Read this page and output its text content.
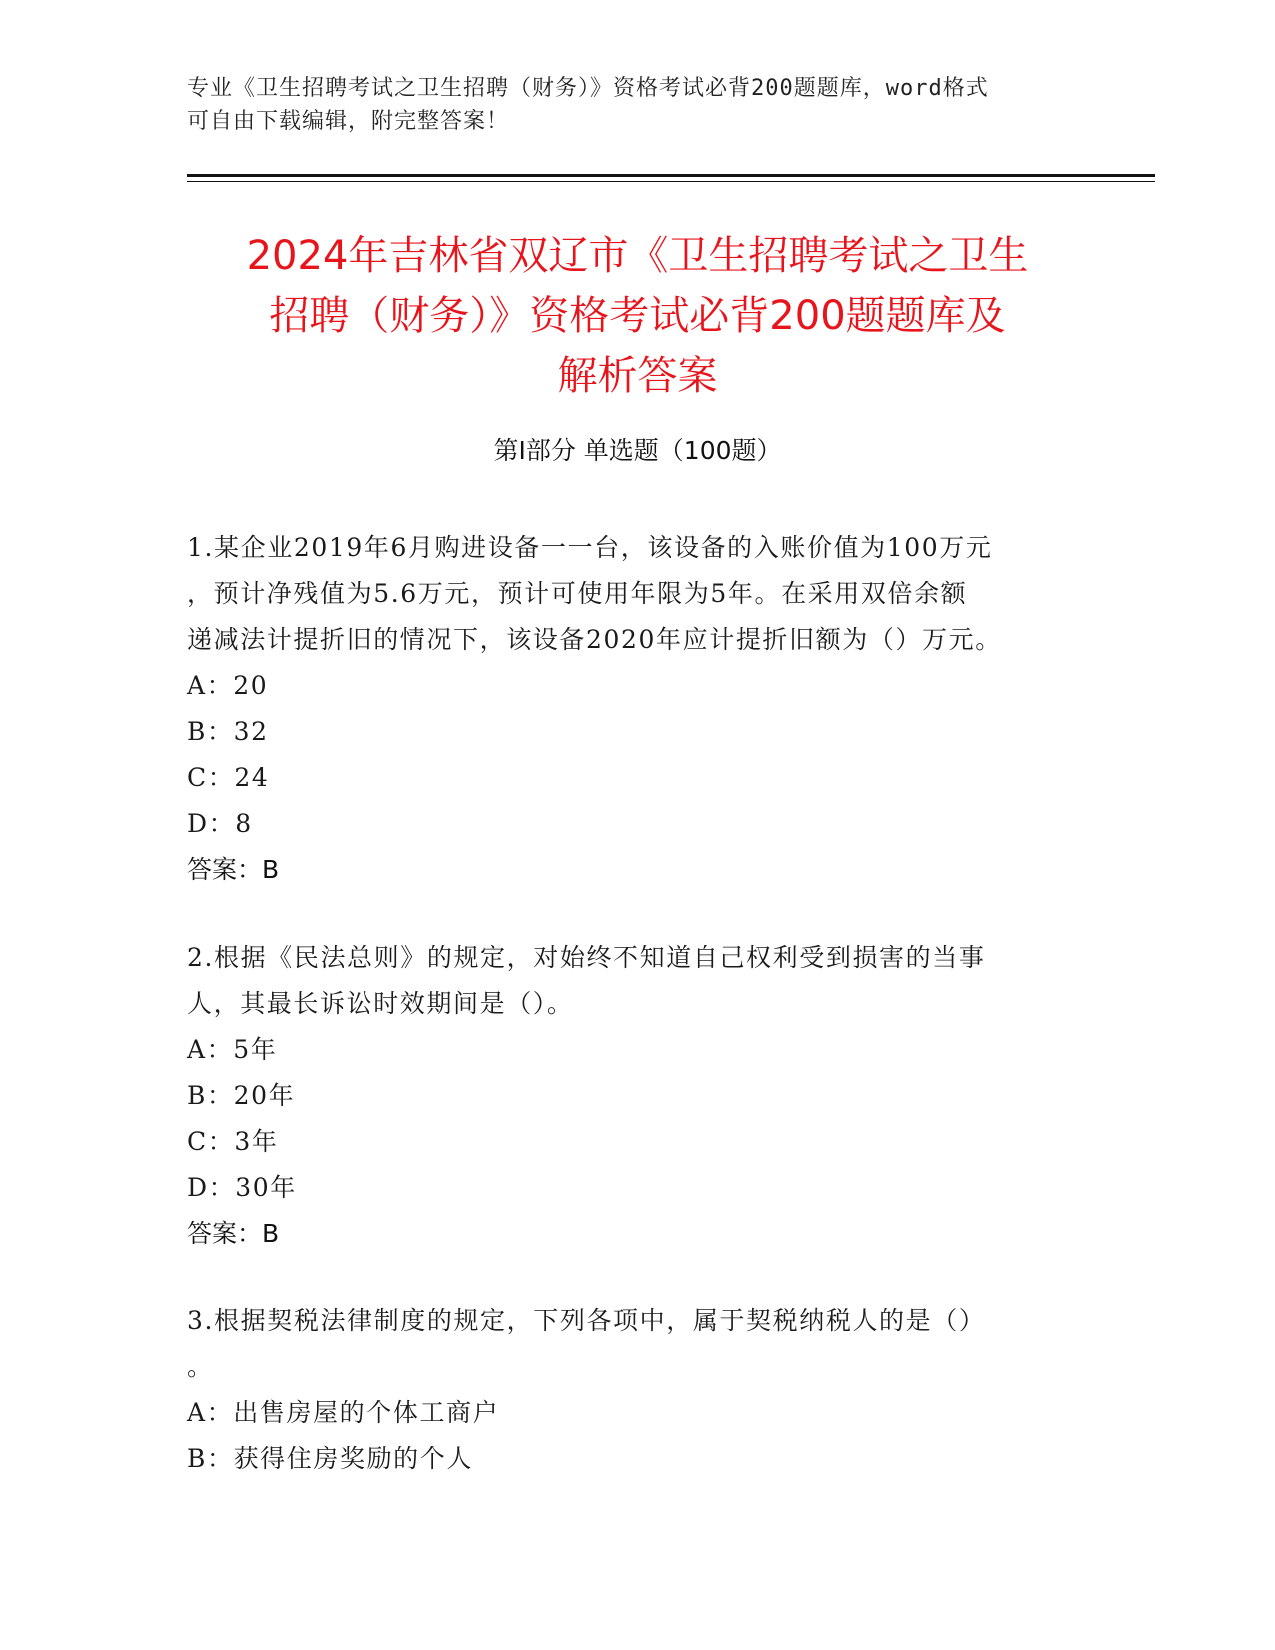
专业《卫生招聘考试之卫生招聘（财务）》资格考试必背200题题库，word格式
可自由下载编辑，附完整答案！
2024年吉林省双辽市《卫生招聘考试之卫生
招聘（财务）》资格考试必背200题题库及
解析答案
第Ⅰ部分 单选题（100题）
1.某企业2019年6月购进设备一一台，该设备的入账价值为100万元
，预计净残值为5.6万元，预计可使用年限为5年。在采用双倍余额
递减法计提折旧的情况下，该设备2020年应计提折旧额为（）万元。
A：20
B：32
C：24
D：8
答案：B
2.根据《民法总则》的规定，对始终不知道自己权利受到损害的当事
人，其最长诉讼时效期间是（）。
A：5年
B：20年
C：3年
D：30年
答案：B
3.根据契税法律制度的规定，下列各项中，属于契税纳税人的是（）
。
A：出售房屋的个体工商户
B：获得住房奖励的个人
